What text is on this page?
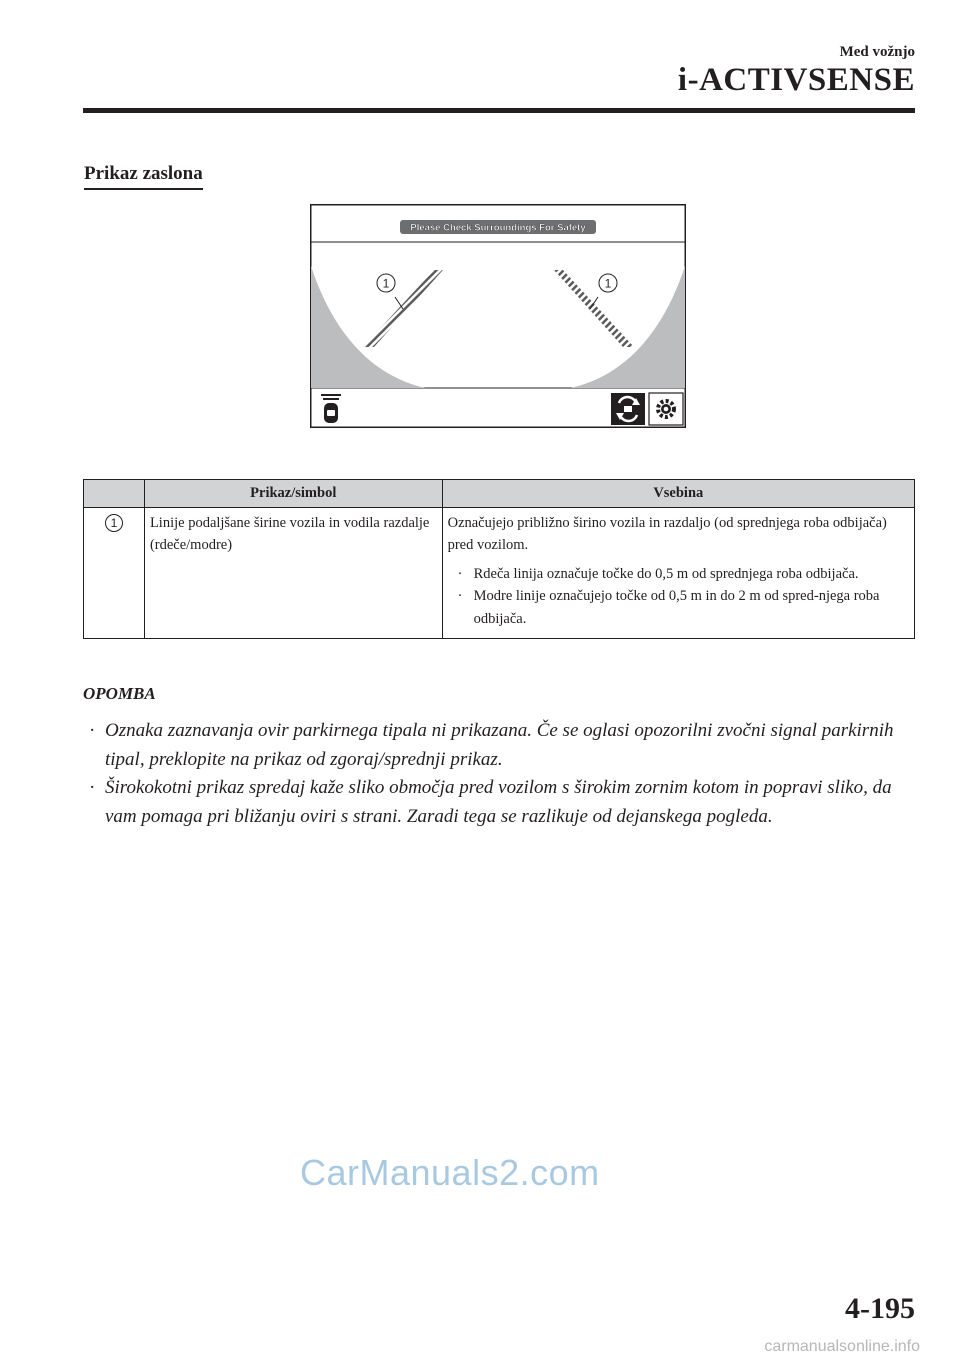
Med vožnjo
i-ACTIVSENSE
Prikaz zaslona
Please Check Surroundings For Safety
1	1
	Prikaz/simbol	Vsebina
1	Linije podaljšane širine vozila in vodila razdalje (rdeče/modre)	Označujejo približno širino vozila in razdaljo (od sprednjega roba odbijača) pred vozilom.
· Rdeča linija označuje točke do 0,5 m od sprednjega roba odbijača.
· Modre linije označujejo točke od 0,5 m in do 2 m od spred-njega roba odbijača.
OPOMBA
· Oznaka zaznavanja ovir parkirnega tipala ni prikazana. Če se oglasi opozorilni zvočni signal parkirnih tipal, preklopite na prikaz od zgoraj/sprednji prikaz.
· Širokokotni prikaz spredaj kaže sliko območja pred vozilom s širokim zornim kotom in popravi sliko, da vam pomaga pri bližanju oviri s strani. Zaradi tega se razlikuje od dejanskega pogleda.
CarManuals2.com
4-195
carmanualsonline.info
